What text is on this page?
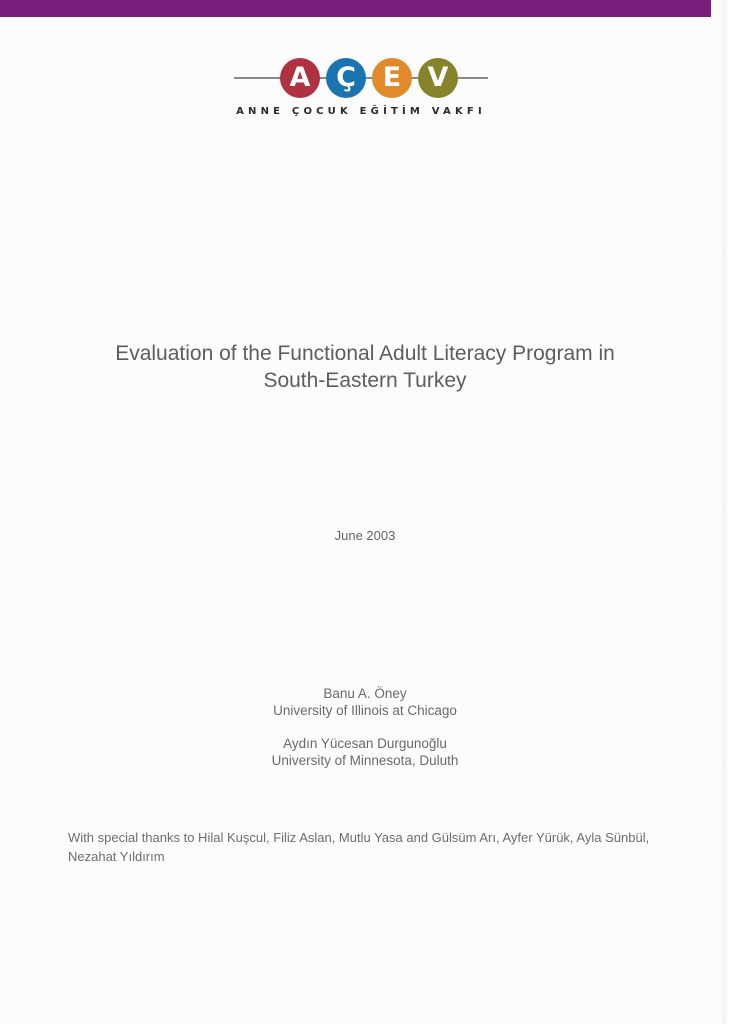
A Ç E V
ANNE ÇOCUK EĞİTİM VAKFI
Evaluation of the Functional Adult Literacy Program in South-Eastern Turkey
June 2003
Banu A. Öney
University of Illinois at Chicago
Aydın Yücesan Durgunoğlu
University of Minnesota, Duluth
With special thanks to Hilal Kuşcul, Filiz Aslan, Mutlu Yasa and Gülsüm Arı, Ayfer Yürük, Ayla Sünbül, Nezahat Yıldırım
